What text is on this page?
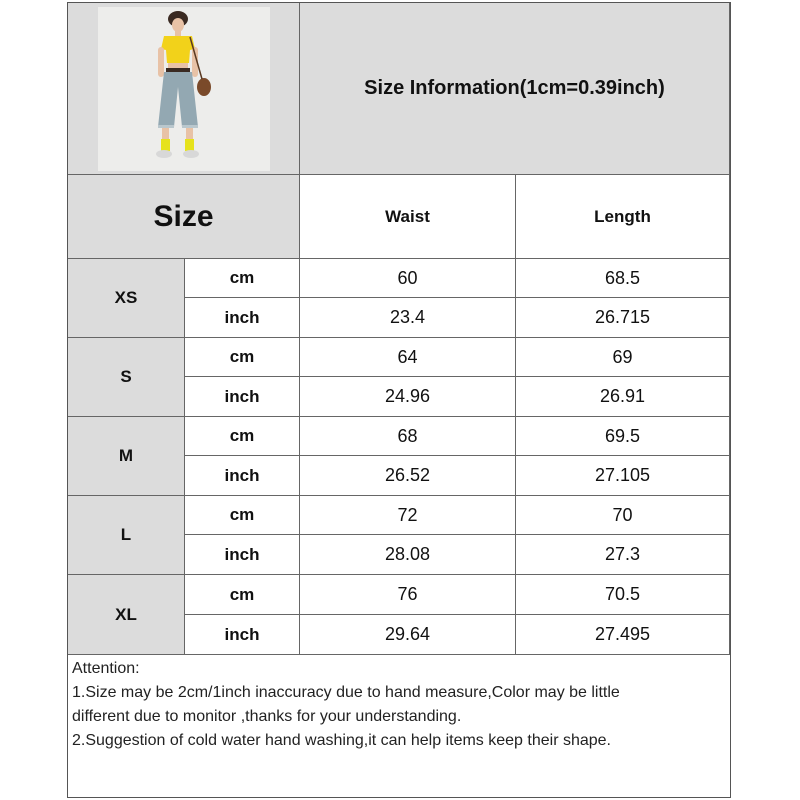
Size Information(1cm=0.39inch)
Size	Waist	Length
XS
cm	60	68.5
inch	23.4	26.715
S
cm	64	69
inch	24.96	26.91
M
cm	68	69.5
inch	26.52	27.105
L
cm	72	70
inch	28.08	27.3
XL
cm	76	70.5
inch	29.64	27.495
Attention:
1.Size may be 2cm/1inch inaccuracy due to hand measure,Color may be little
different due to monitor ,thanks for your understanding.
2.Suggestion of cold water hand washing,it can help items keep their shape.
